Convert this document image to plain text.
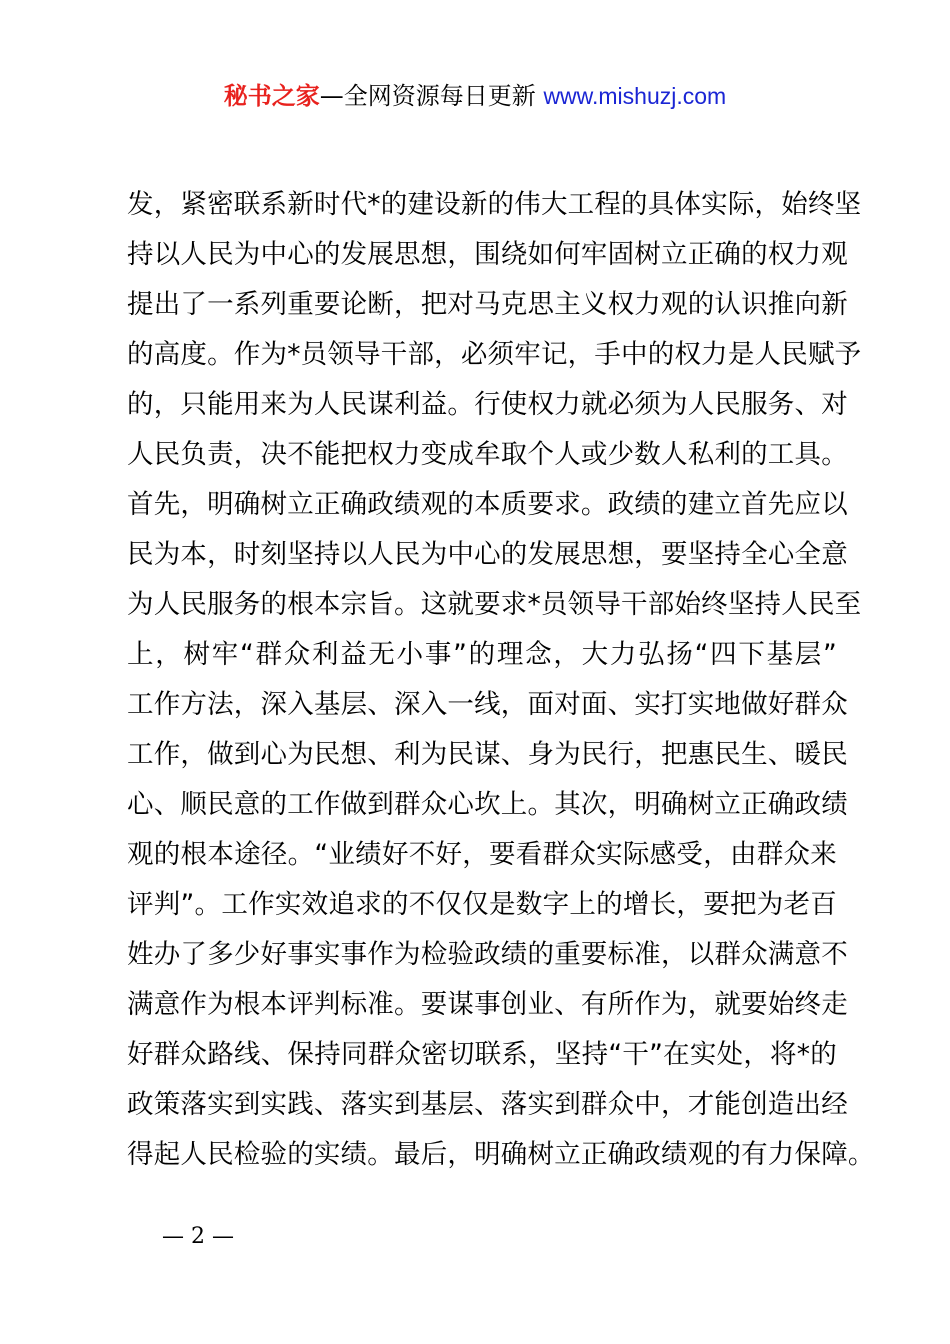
秘书之家—全网资源每日更新 www.mishuzj.com
发，紧密联系新时代*的建设新的伟大工程的具体实际，始终坚
持以人民为中心的发展思想，围绕如何牢固树立正确的权力观
提出了一系列重要论断，把对马克思主义权力观的认识推向新
的高度。作为*员领导干部，必须牢记，手中的权力是人民赋予
的，只能用来为人民谋利益。行使权力就必须为人民服务、对
人民负责，决不能把权力变成牟取个人或少数人私利的工具。
首先，明确树立正确政绩观的本质要求。政绩的建立首先应以
民为本，时刻坚持以人民为中心的发展思想，要坚持全心全意
为人民服务的根本宗旨。这就要求*员领导干部始终坚持人民至
上，树牢“群众利益无小事”的理念，大力弘扬“四下基层”
工作方法，深入基层、深入一线，面对面、实打实地做好群众
工作，做到心为民想、利为民谋、身为民行，把惠民生、暖民
心、顺民意的工作做到群众心坎上。其次，明确树立正确政绩
观的根本途径。“业绩好不好，要看群众实际感受，由群众来
评判”。工作实效追求的不仅仅是数字上的增长，要把为老百
姓办了多少好事实事作为检验政绩的重要标准，以群众满意不
满意作为根本评判标准。要谋事创业、有所作为，就要始终走
好群众路线、保持同群众密切联系，坚持“干”在实处，将*的
政策落实到实践、落实到基层、落实到群众中，才能创造出经
得起人民检验的实绩。最后，明确树立正确政绩观的有力保障。
— 2 —
